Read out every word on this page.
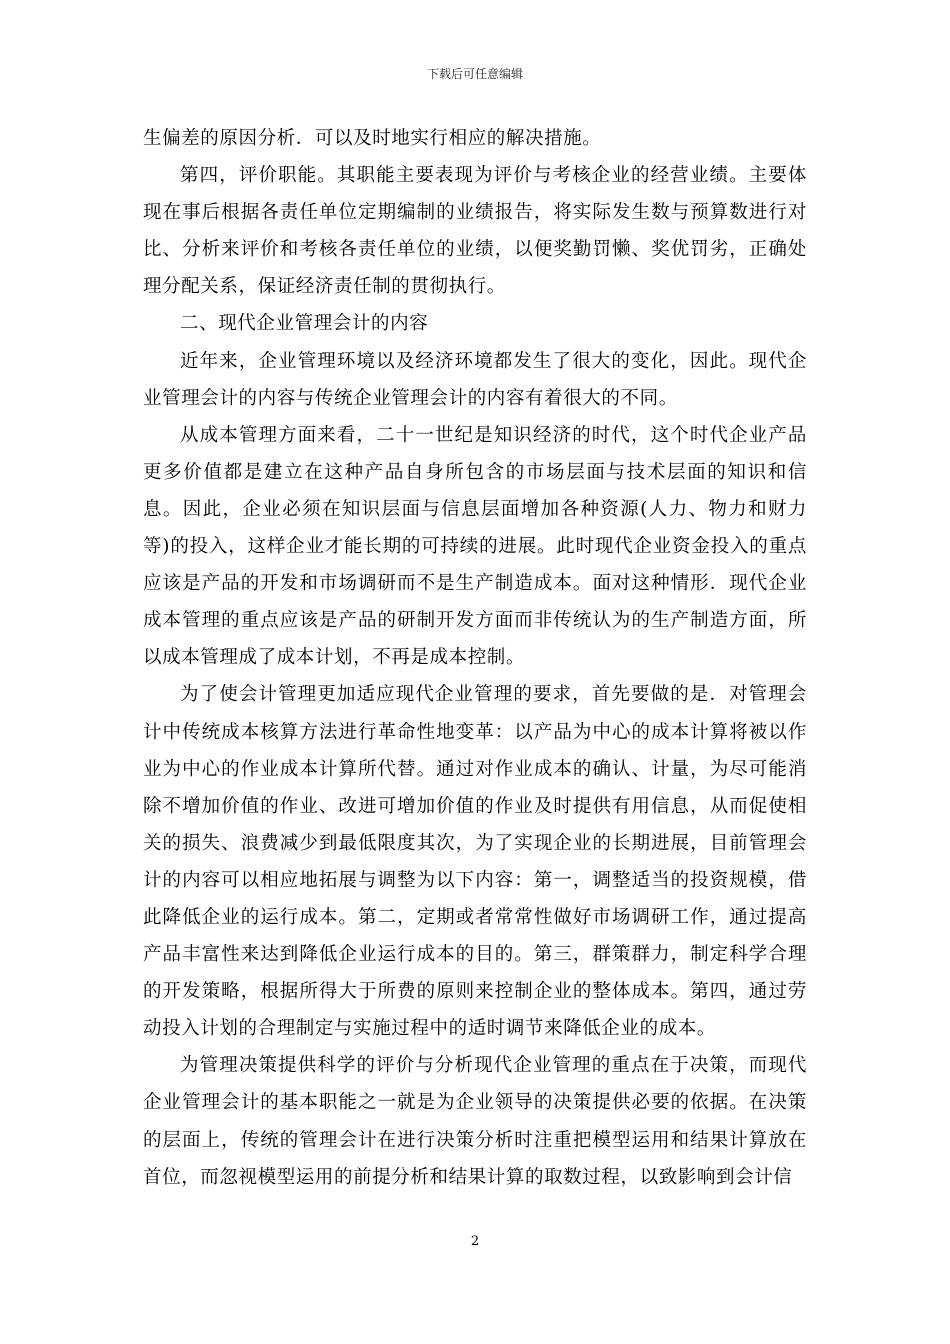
下载后可任意编辑

生偏差的原因分析．可以及时地实行相应的解决措施。

第四，评价职能。其职能主要表现为评价与考核企业的经营业绩。主要体现在事后根据各责任单位定期编制的业绩报告，将实际发生数与预算数进行对比、分析来评价和考核各责任单位的业绩，以便奖勤罚懒、奖优罚劣，正确处理分配关系，保证经济责任制的贯彻执行。

二、现代企业管理会计的内容

近年来，企业管理环境以及经济环境都发生了很大的变化，因此。现代企业管理会计的内容与传统企业管理会计的内容有着很大的不同。

从成本管理方面来看，二十一世纪是知识经济的时代，这个时代企业产品更多价值都是建立在这种产品自身所包含的市场层面与技术层面的知识和信息。因此，企业必须在知识层面与信息层面增加各种资源(人力、物力和财力等)的投入，这样企业才能长期的可持续的进展。此时现代企业资金投入的重点应该是产品的开发和市场调研而不是生产制造成本。面对这种情形．现代企业成本管理的重点应该是产品的研制开发方面而非传统认为的生产制造方面，所以成本管理成了成本计划，不再是成本控制。

为了使会计管理更加适应现代企业管理的要求，首先要做的是．对管理会计中传统成本核算方法进行革命性地变革：以产品为中心的成本计算将被以作业为中心的作业成本计算所代替。通过对作业成本的确认、计量，为尽可能消除不增加价值的作业、改进可增加价值的作业及时提供有用信息，从而促使相关的损失、浪费减少到最低限度其次，为了实现企业的长期进展，目前管理会计的内容可以相应地拓展与调整为以下内容：第一，调整适当的投资规模，借此降低企业的运行成本。第二，定期或者常常性做好市场调研工作，通过提高产品丰富性来达到降低企业运行成本的目的。第三，群策群力，制定科学合理的开发策略，根据所得大于所费的原则来控制企业的整体成本。第四，通过劳动投入计划的合理制定与实施过程中的适时调节来降低企业的成本。

为管理决策提供科学的评价与分析现代企业管理的重点在于决策，而现代企业管理会计的基本职能之一就是为企业领导的决策提供必要的依据。在决策的层面上，传统的管理会计在进行决策分析时注重把模型运用和结果计算放在首位，而忽视模型运用的前提分析和结果计算的取数过程，以致影响到会计信

2
